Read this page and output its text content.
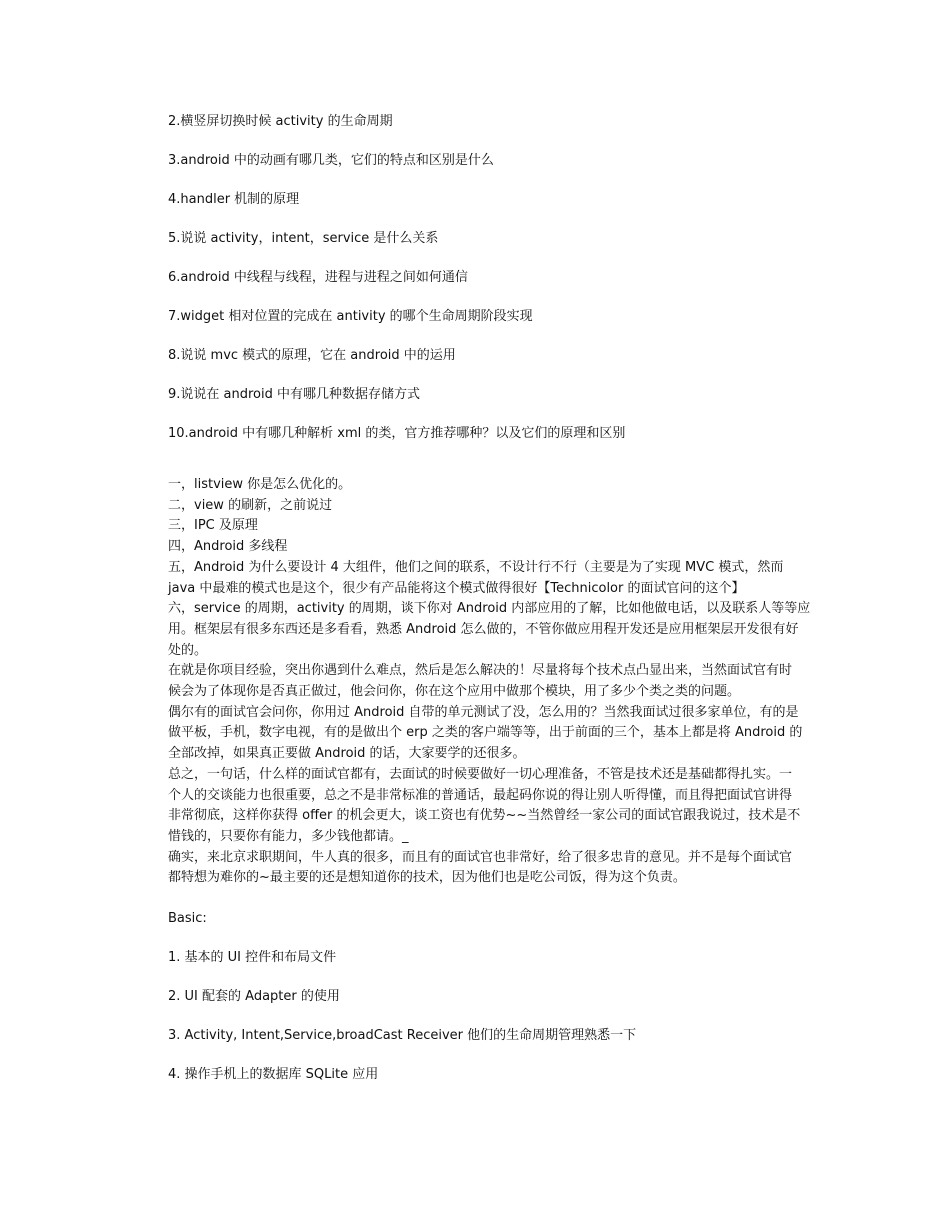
2.横竖屏切换时候 activity 的生命周期
3.android 中的动画有哪几类，它们的特点和区别是什么
4.handler 机制的原理
5.说说 activity，intent，service 是什么关系
6.android 中线程与线程，进程与进程之间如何通信
7.widget 相对位置的完成在 antivity 的哪个生命周期阶段实现
8.说说 mvc 模式的原理，它在 android 中的运用
9.说说在 android 中有哪几种数据存储方式
10.android 中有哪几种解析 xml 的类，官方推荐哪种？以及它们的原理和区别
一，listview 你是怎么优化的。
二，view 的刷新，之前说过
三，IPC 及原理
四，Android 多线程
五，Android 为什么要设计 4 大组件，他们之间的联系，不设计行不行（主要是为了实现 MVC 模式，然而
java 中最难的模式也是这个，很少有产品能将这个模式做得很好【Technicolor 的面试官问的这个】
六，service 的周期，activity 的周期，谈下你对 Android 内部应用的了解，比如他做电话，以及联系人等等应
用。框架层有很多东西还是多看看，熟悉 Android 怎么做的，不管你做应用程开发还是应用框架层开发很有好
处的。
在就是你项目经验，突出你遇到什么难点，然后是怎么解决的！尽量将每个技术点凸显出来，当然面试官有时
候会为了体现你是否真正做过，他会问你，你在这个应用中做那个模块，用了多少个类之类的问题。
偶尔有的面试官会问你，你用过 Android 自带的单元测试了没，怎么用的？当然我面试过很多家单位，有的是
做平板，手机，数字电视，有的是做出个 erp 之类的客户端等等，出于前面的三个，基本上都是将 Android 的
全部改掉，如果真正要做 Android 的话，大家要学的还很多。
总之，一句话，什么样的面试官都有，去面试的时候要做好一切心理准备，不管是技术还是基础都得扎实。一
个人的交谈能力也很重要，总之不是非常标准的普通话，最起码你说的得让别人听得懂，而且得把面试官讲得
非常彻底，这样你获得 offer 的机会更大，谈工资也有优势~~当然曾经一家公司的面试官跟我说过，技术是不
惜钱的，只要你有能力，多少钱他都请。_
确实，来北京求职期间，牛人真的很多，而且有的面试官也非常好，给了很多忠肯的意见。并不是每个面试官
都特想为难你的~最主要的还是想知道你的技术，因为他们也是吃公司饭，得为这个负责。
Basic:
1. 基本的 UI 控件和布局文件
2. UI 配套的 Adapter 的使用
3. Activity, Intent,Service,broadCast Receiver 他们的生命周期管理熟悉一下
4. 操作手机上的数据库 SQLite 应用
